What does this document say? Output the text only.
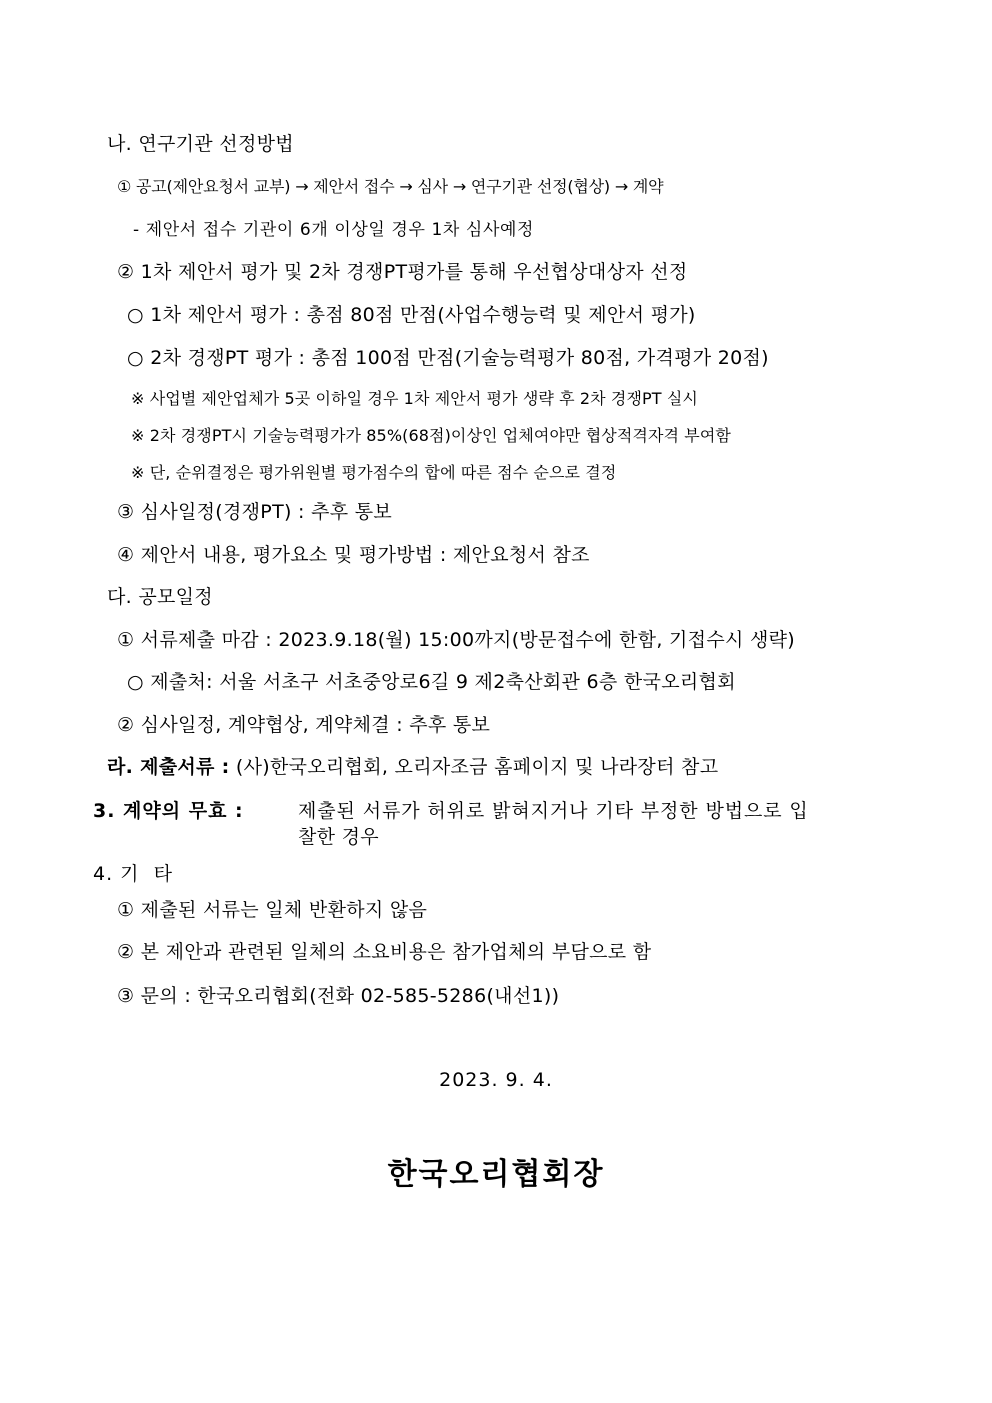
나. 연구기관 선정방법
① 공고(제안요청서 교부) → 제안서 접수 → 심사 → 연구기관 선정(협상) → 계약
- 제안서 접수 기관이 6개 이상일 경우 1차 심사예정
② 1차 제안서 평가 및 2차 경쟁PT평가를 통해 우선협상대상자 선정
○ 1차 제안서 평가 : 총점 80점 만점(사업수행능력 및 제안서 평가)
○ 2차 경쟁PT 평가 : 총점 100점 만점(기술능력평가 80점, 가격평가 20점)
※ 사업별 제안업체가 5곳 이하일 경우 1차 제안서 평가 생략 후 2차 경쟁PT 실시
※ 2차 경쟁PT시 기술능력평가가 85%(68점)이상인 업체여야만 협상적격자격 부여함
※ 단, 순위결정은 평가위원별 평가점수의 합에 따른 점수 순으로 결정
③ 심사일정(경쟁PT) : 추후 통보
④ 제안서 내용, 평가요소 및 평가방법 : 제안요청서 참조
다. 공모일정
① 서류제출 마감 : 2023.9.18(월) 15:00까지(방문접수에 한함, 기접수시 생략)
○ 제출처: 서울 서초구 서초중앙로6길 9 제2축산회관 6층 한국오리협회
② 심사일정, 계약협상, 계약체결 : 추후 통보
라. 제출서류 : (사)한국오리협회, 오리자조금 홈페이지 및 나라장터 참고
3. 계약의 무효 :	제출된 서류가 허위로 밝혀지거나 기타 부정한 방법으로 입
찰한 경우
4. 기  타
① 제출된 서류는 일체 반환하지 않음
② 본 제안과 관련된 일체의 소요비용은 참가업체의 부담으로 함
③ 문의 : 한국오리협회(전화 02-585-5286(내선1))
2023. 9. 4.
한국오리협회장
